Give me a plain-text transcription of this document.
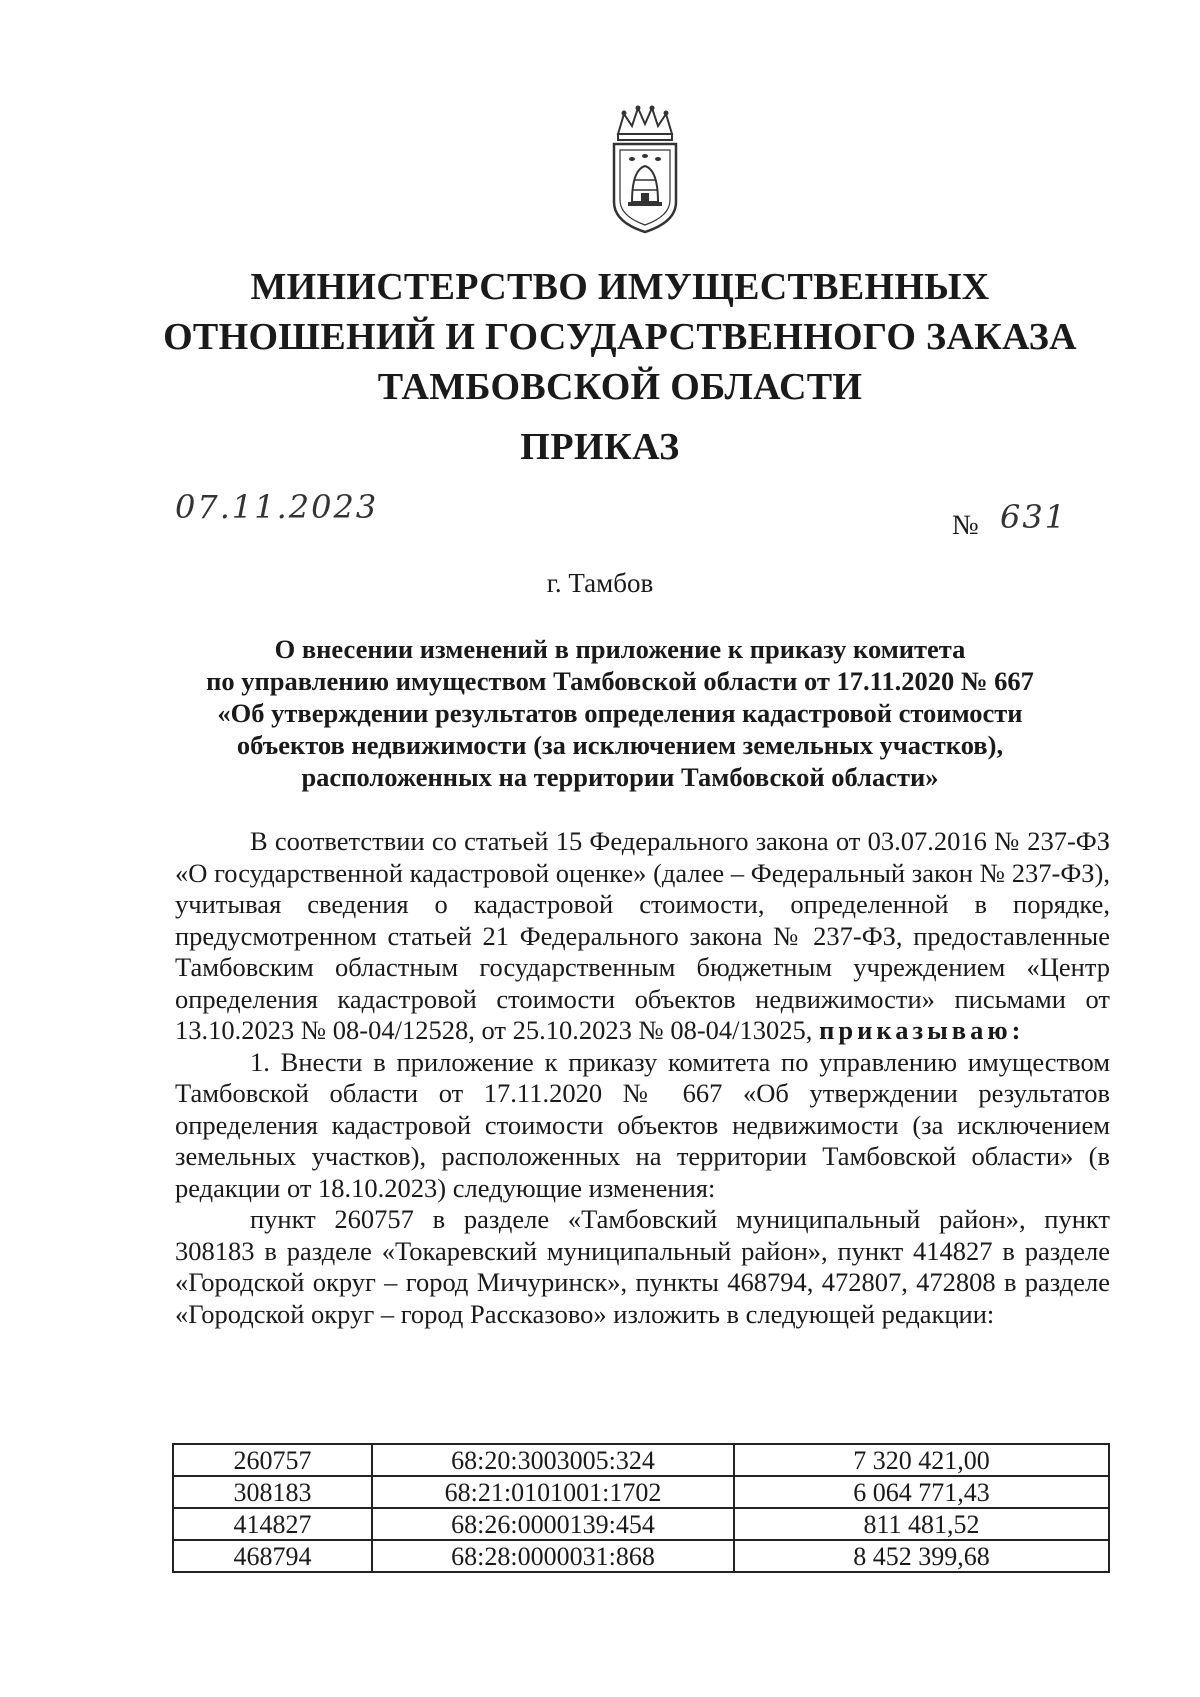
МИНИСТЕРСТВО ИМУЩЕСТВЕННЫХ
ОТНОШЕНИЙ И ГОСУДАРСТВЕННОГО ЗАКАЗА
ТАМБОВСКОЙ ОБЛАСТИ
ПРИКАЗ
07.11.2023	№ 631
г. Тамбов
О внесении изменений в приложение к приказу комитета
по управлению имуществом Тамбовской области от 17.11.2020 № 667
«Об утверждении результатов определения кадастровой стоимости
объектов недвижимости (за исключением земельных участков),
расположенных на территории Тамбовской области»

В соответствии со статьей 15 Федерального закона от 03.07.2016 № 237-ФЗ «О государственной кадастровой оценке» (далее – Федеральный закон № 237-ФЗ), учитывая сведения о кадастровой стоимости, определенной в порядке, предусмотренном статьей 21 Федерального закона № 237-ФЗ, предоставленные Тамбовским областным государственным бюджетным учреждением «Центр определения кадастровой стоимости объектов недвижимости» письмами от 13.10.2023 № 08-04/12528, от 25.10.2023 № 08-04/13025, приказываю:

1. Внести в приложение к приказу комитета по управлению имуществом Тамбовской области от 17.11.2020 № 667 «Об утверждении результатов определения кадастровой стоимости объектов недвижимости (за исключением земельных участков), расположенных на территории Тамбовской области» (в редакции от 18.10.2023) следующие изменения:

пункт 260757 в разделе «Тамбовский муниципальный район», пункт 308183 в разделе «Токаревский муниципальный район», пункт 414827 в разделе «Городской округ – город Мичуринск», пункты 468794, 472807, 472808 в разделе «Городской округ – город Рассказово» изложить в следующей редакции:

260757	68:20:3003005:324	7 320 421,00
308183	68:21:0101001:1702	6 064 771,43
414827	68:26:0000139:454	811 481,52
468794	68:28:0000031:868	8 452 399,68
